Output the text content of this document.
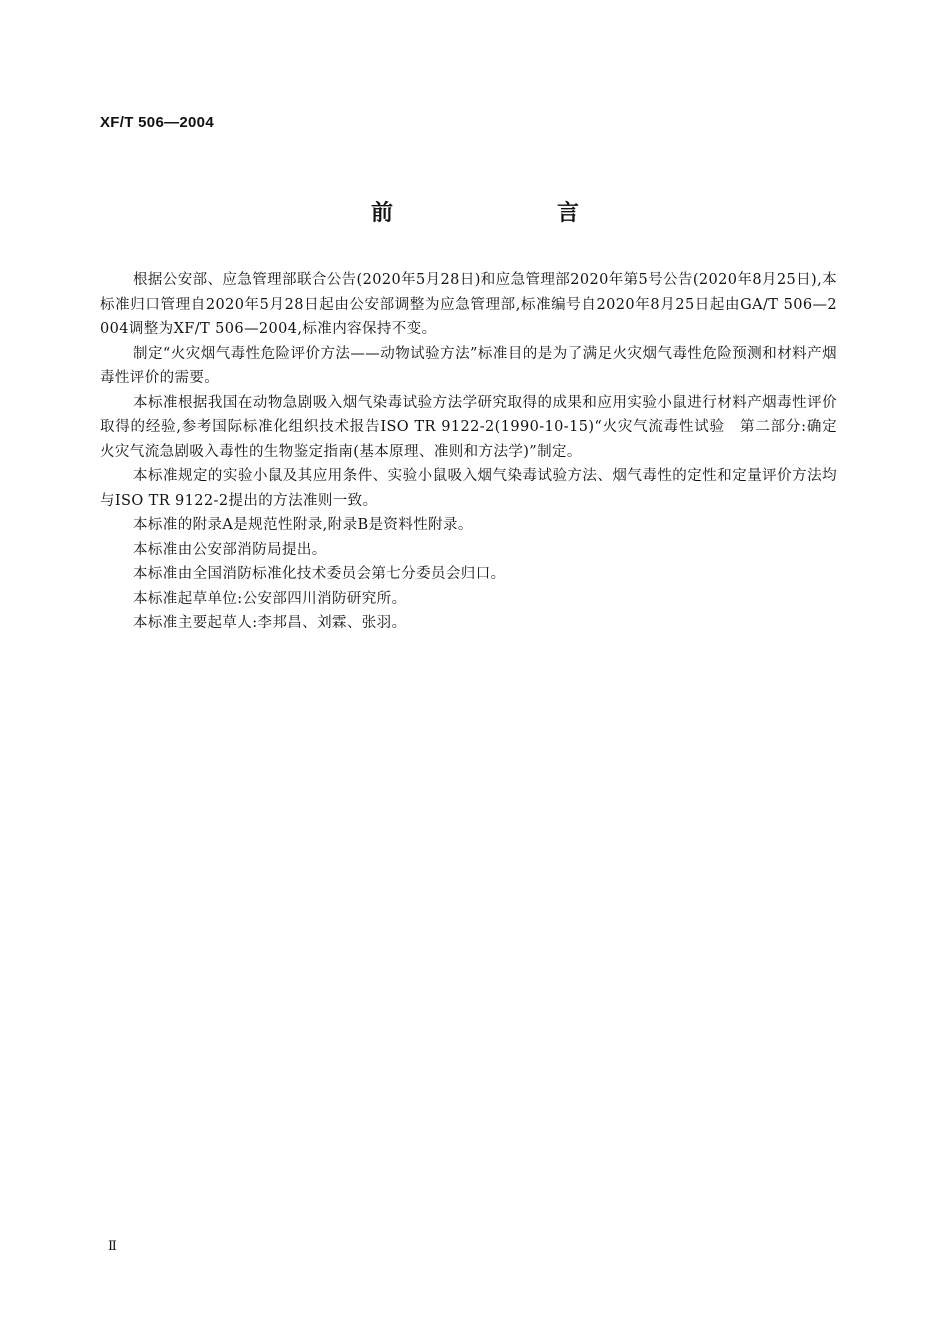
XF/T 506—2004
前　　言

根据公安部、应急管理部联合公告(2020年5月28日)和应急管理部2020年第5号公告(2020年8月25日),本标准归口管理自2020年5月28日起由公安部调整为应急管理部,标准编号自2020年8月25日起由GA/T 506—2004调整为XF/T 506—2004,标准内容保持不变。

制定“火灾烟气毒性危险评价方法——动物试验方法”标准目的是为了满足火灾烟气毒性危险预测和材料产烟毒性评价的需要。

本标准根据我国在动物急剧吸入烟气染毒试验方法学研究取得的成果和应用实验小鼠进行材料产烟毒性评价取得的经验,参考国际标准化组织技术报告ISO TR 9122-2(1990-10-15)“火灾气流毒性试验　第二部分:确定火灾气流急剧吸入毒性的生物鉴定指南(基本原理、准则和方法学)”制定。

本标准规定的实验小鼠及其应用条件、实验小鼠吸入烟气染毒试验方法、烟气毒性的定性和定量评价方法均与ISO TR 9122-2提出的方法准则一致。

本标准的附录A是规范性附录,附录B是资料性附录。

本标准由公安部消防局提出。

本标准由全国消防标准化技术委员会第七分委员会归口。

本标准起草单位:公安部四川消防研究所。

本标准主要起草人:李邦昌、刘霖、张羽。

Ⅱ
